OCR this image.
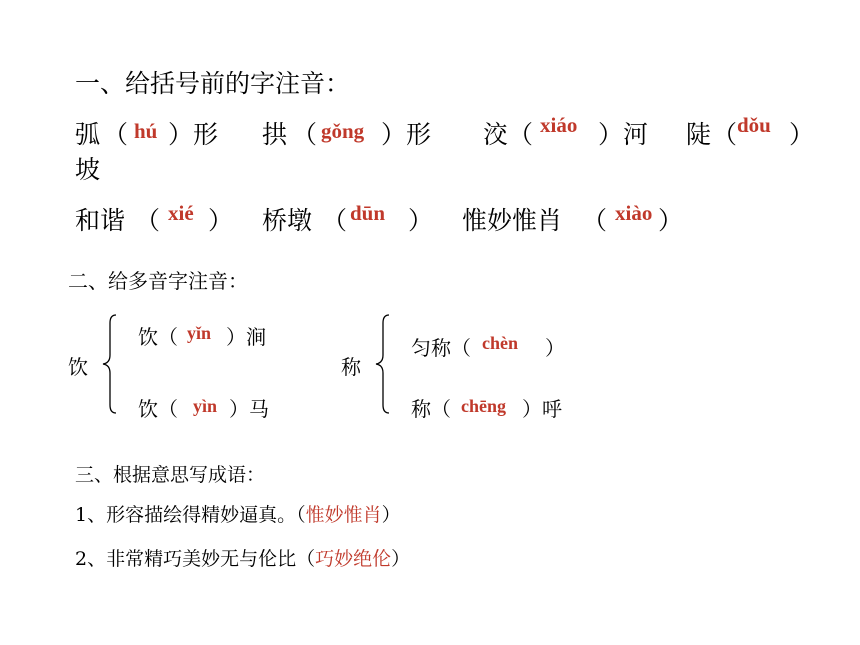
一、给括号前的字注音：
弧 （ hú ）形 拱 （ gǒng ）形 洨 （ xiáo ）河 陡 （ dǒu ）
坡
和谐 （ xié ） 桥墩 （ dūn ） 惟妙惟肖 （ xiào ）
二、给多音字注音：
饮
饮（ yǐn ）涧
饮（ yìn ）马
称
匀称（ chèn ）
称（ chēng ）呼
三、根据意思写成语：
1、形容描绘得精妙逼真。（惟妙惟肖）
2、非常精巧美妙无与伦比（巧妙绝伦）
